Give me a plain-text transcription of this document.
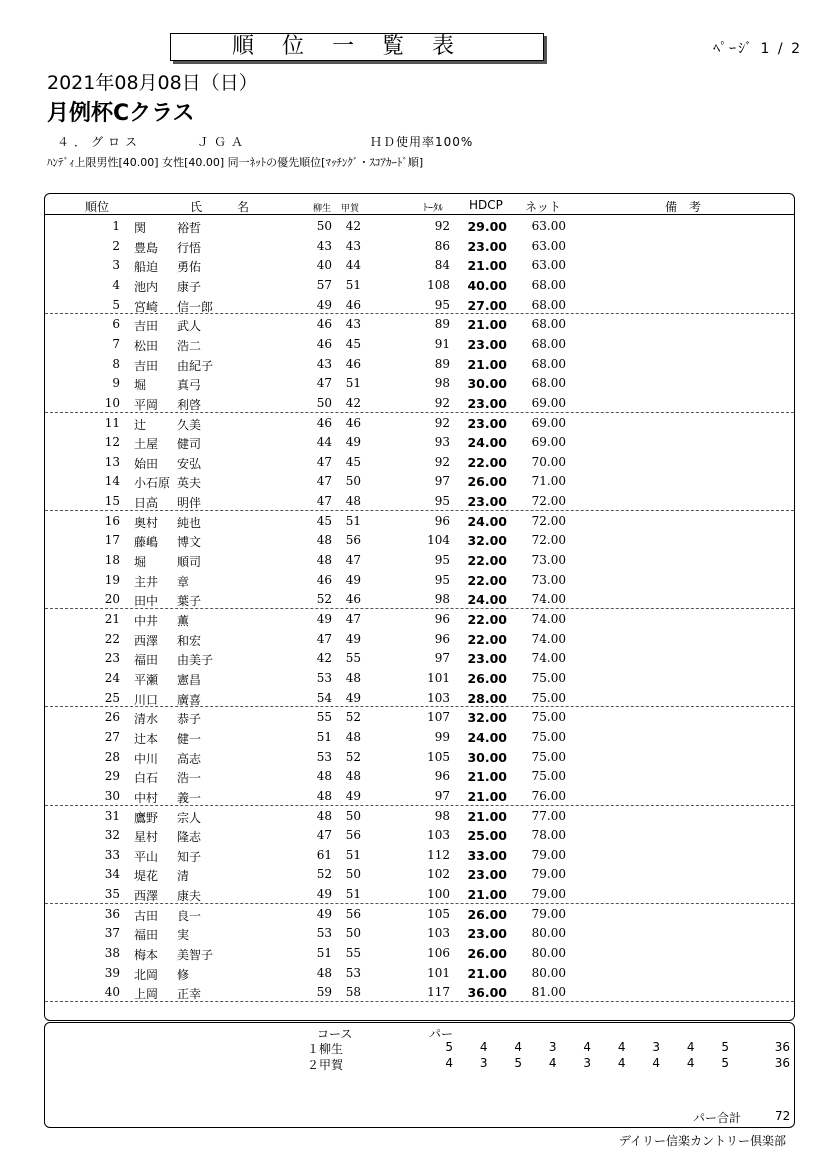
順位一覧表	ﾍﾟｰｼﾞ 1 / 2
2021年08月08日（日）
月例杯Cクラス
４．グロス	ＪＧＡ	ＨＤ使用率100%
ﾊﾝﾃﾞｨ上限男性[40.00] 女性[40.00] 同一ﾈｯﾄの優先順位[ﾏｯﾁﾝｸﾞ・ｽｺｱｶｰﾄﾞ順]
順位	氏	名	柳生 甲賀	ﾄｰﾀﾙ HDCP ネット	備　考
1 関	裕哲	50 42	92 29.00 63.00
2 豊島 行悟	43 43	86 23.00 63.00
3 船迫 勇佑	40 44	84 21.00 63.00
4 池内 康子	57 51	108 40.00 68.00
5 宮崎 信一郎	49 46	95 27.00 68.00
6 吉田 武人	46 43	89 21.00 68.00
7 松田 浩二	46 45	91 23.00 68.00
8 吉田 由紀子	43 46	89 21.00 68.00
9 堀	真弓	47 51	98 30.00 68.00
10 平岡 利啓	50 42	92 23.00 69.00
11 辻	久美	46 46	92 23.00 69.00
12 土屋 健司	44 49	93 24.00 69.00
13 始田 安弘	47 45	92 22.00 70.00
14 小石原 英夫	47 50	97 26.00 71.00
15 日高 明伴	47 48	95 23.00 72.00
16 奥村 純也	45 51	96 24.00 72.00
17 藤嶋 博文	48 56	104 32.00 72.00
18 堀	順司	48 47	95 22.00 73.00
19 主井 章	46 49	95 22.00 73.00
20 田中 葉子	52 46	98 24.00 74.00
21 中井 薫	49 47	96 22.00 74.00
22 西澤 和宏	47 49	96 22.00 74.00
23 福田 由美子	42 55	97 23.00 74.00
24 平瀬 憲昌	53 48	101 26.00 75.00
25 川口 廣喜	54 49	103 28.00 75.00
26 清水 恭子	55 52	107 32.00 75.00
27 辻本 健一	51 48	99 24.00 75.00
28 中川 高志	53 52	105 30.00 75.00
29 白石 浩一	48 48	96 21.00 75.00
30 中村 義一	48 49	97 21.00 76.00
31 鷹野 宗人	48 50	98 21.00 77.00
32 星村 隆志	47 56	103 25.00 78.00
33 平山 知子	61 51	112 33.00 79.00
34 堤花 清	52 50	102 23.00 79.00
35 西澤 康夫	49 51	100 21.00 79.00
36 古田 良一	49 56	105 26.00 79.00
37 福田 実	53 50	103 23.00 80.00
38 梅本 美智子	51 55	106 26.00 80.00
39 北岡 修	48 53	101 21.00 80.00
40 上岡 正幸	59 58	117 36.00 81.00
コース	パー
１柳生	5 4 4 3 4 4 3 4 5	36
２甲賀	4 3 5 4 3 4 4 4 5	36
パー合計	72
デイリー信楽カントリー倶楽部
